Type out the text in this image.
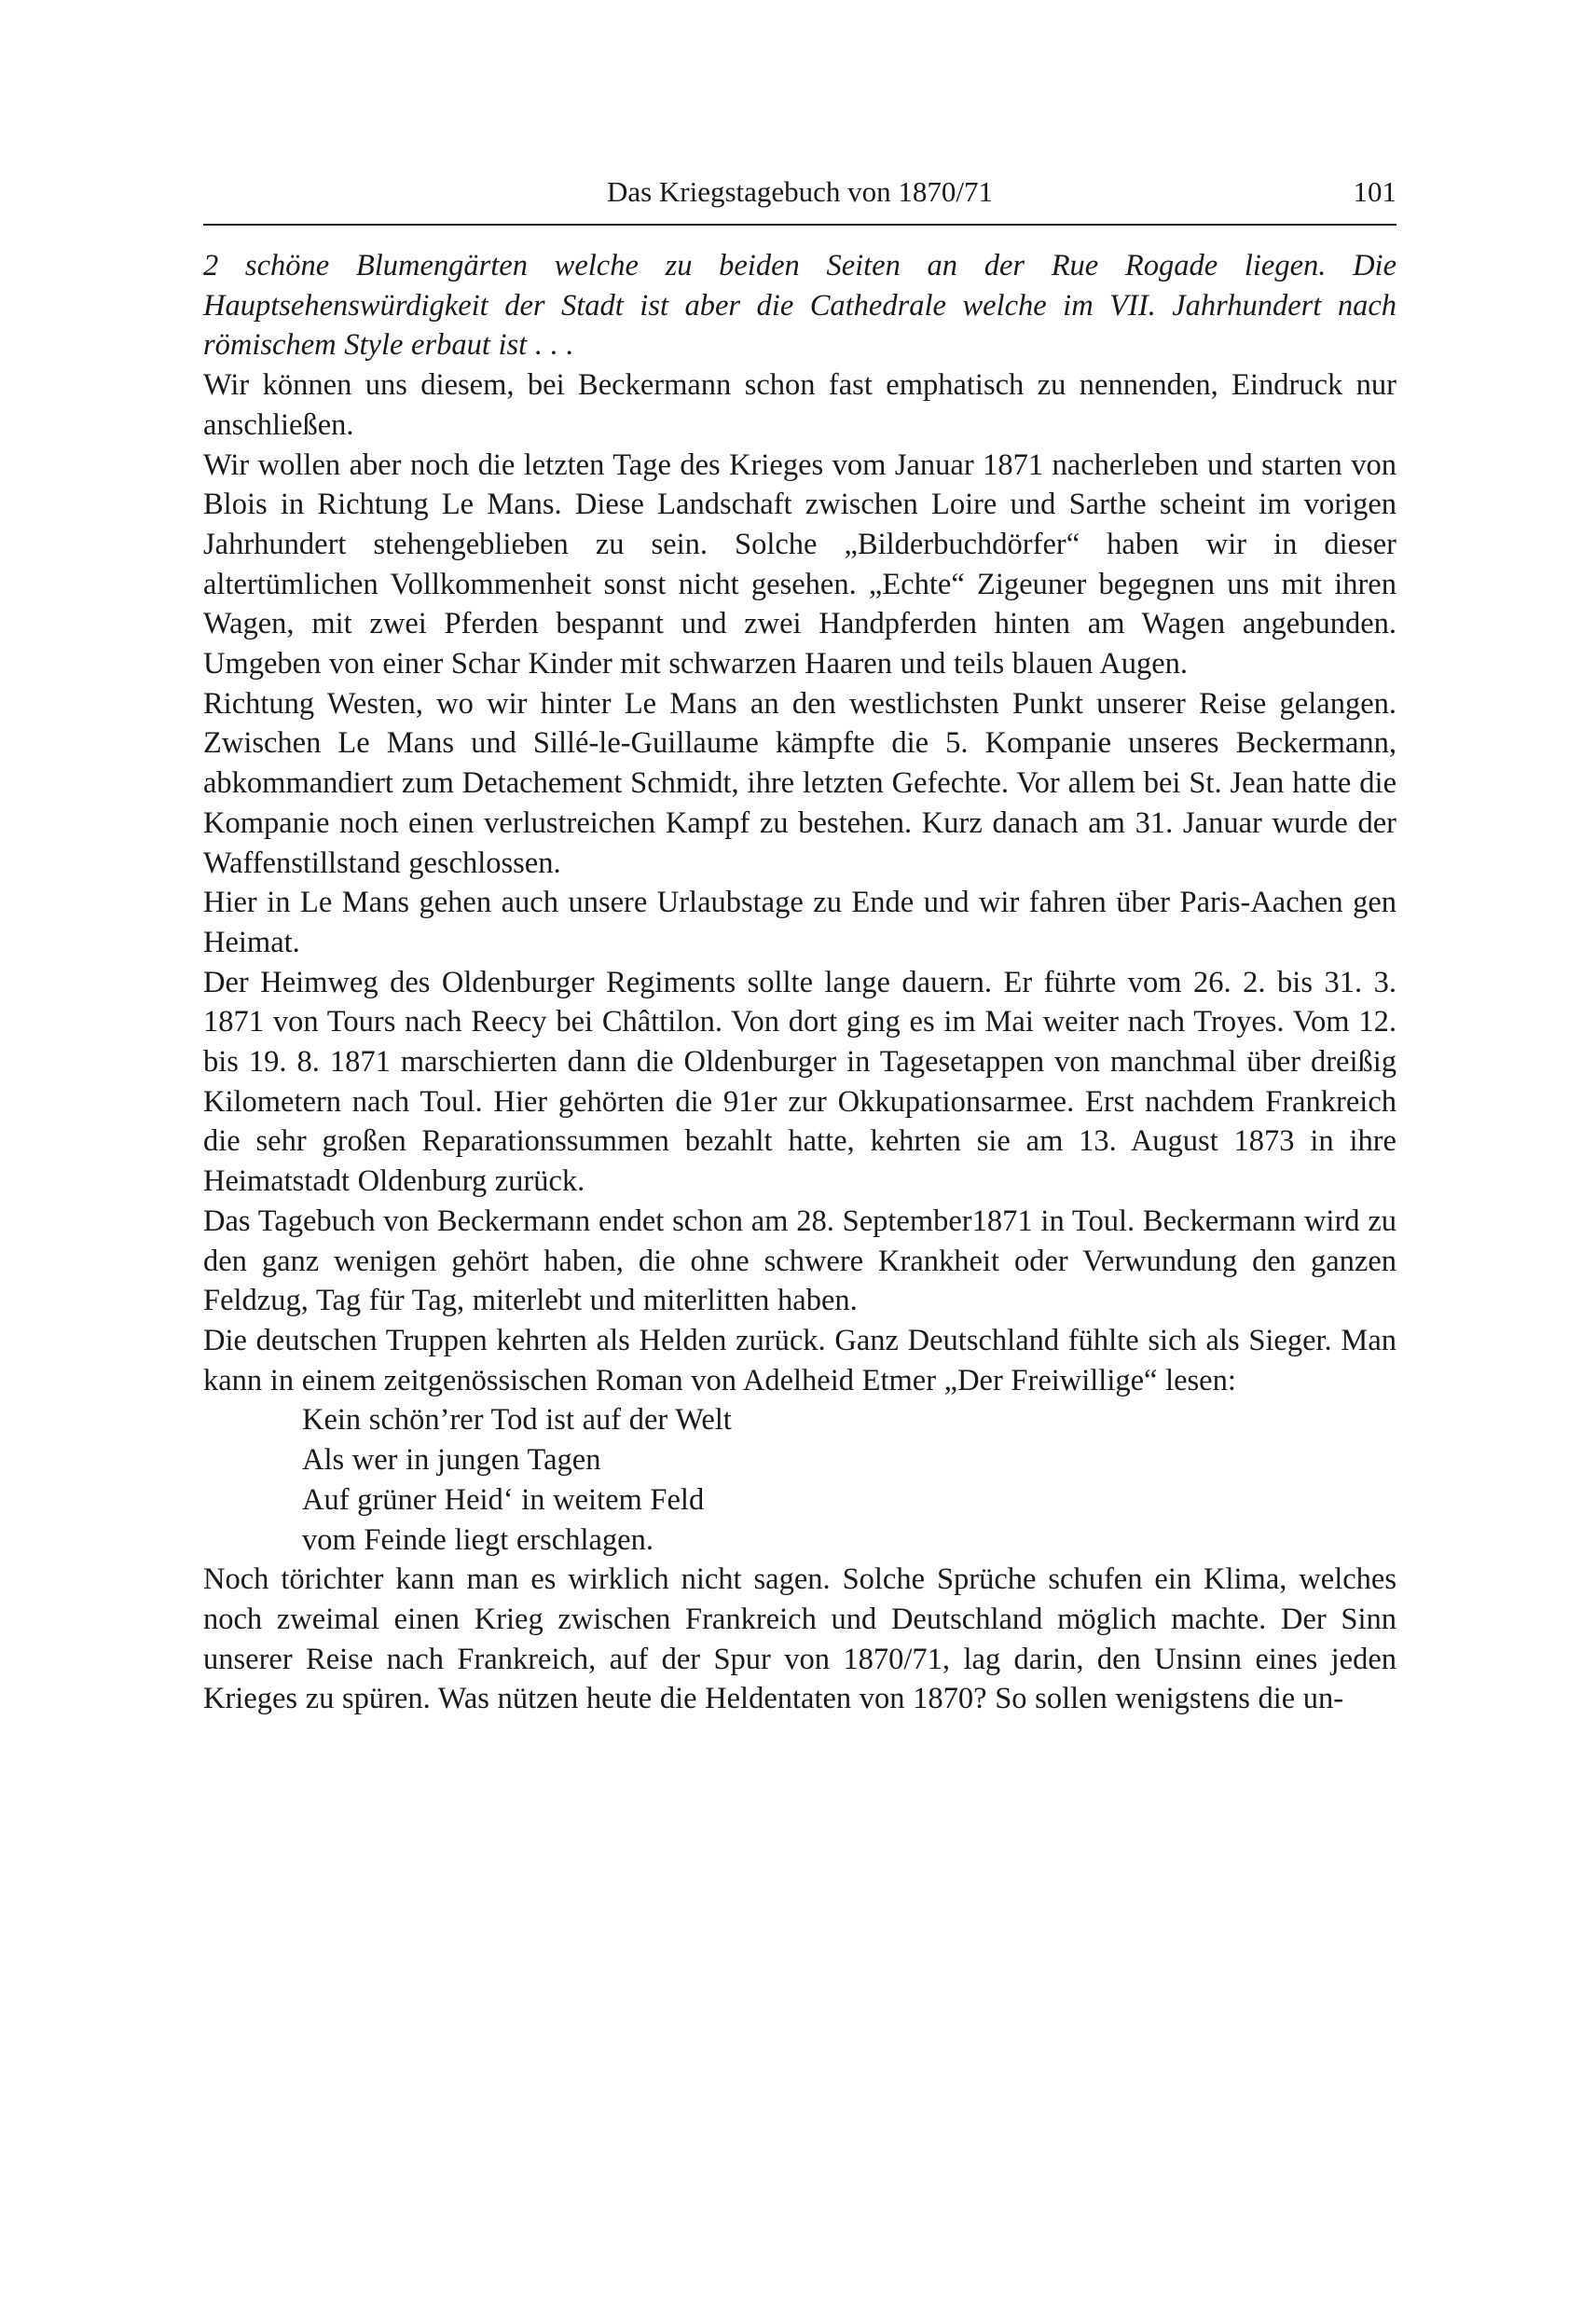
Das Kriegstagebuch von 1870/71	101

2 schöne Blumengärten welche zu beiden Seiten an der Rue Rogade liegen. Die Hauptsehenswürdigkeit der Stadt ist aber die Cathedrale welche im VII. Jahrhundert nach römischem Style erbaut ist . . .

Wir können uns diesem, bei Beckermann schon fast emphatisch zu nennenden, Eindruck nur anschließen.

Wir wollen aber noch die letzten Tage des Krieges vom Januar 1871 nacherleben und starten von Blois in Richtung Le Mans. Diese Landschaft zwischen Loire und Sarthe scheint im vorigen Jahrhundert stehengeblieben zu sein. Solche „Bilderbuchdörfer“ haben wir in dieser altertümlichen Vollkommenheit sonst nicht gesehen. „Echte“ Zigeuner begegnen uns mit ihren Wagen, mit zwei Pferden bespannt und zwei Handpferden hinten am Wagen angebunden. Umgeben von einer Schar Kinder mit schwarzen Haaren und teils blauen Augen.

Richtung Westen, wo wir hinter Le Mans an den westlichsten Punkt unserer Reise gelangen. Zwischen Le Mans und Sillé-le-Guillaume kämpfte die 5. Kompanie unseres Beckermann, abkommandiert zum Detachement Schmidt, ihre letzten Gefechte. Vor allem bei St. Jean hatte die Kompanie noch einen verlustreichen Kampf zu bestehen. Kurz danach am 31. Januar wurde der Waffenstillstand geschlossen.

Hier in Le Mans gehen auch unsere Urlaubstage zu Ende und wir fahren über Paris-Aachen gen Heimat.

Der Heimweg des Oldenburger Regiments sollte lange dauern. Er führte vom 26. 2. bis 31. 3. 1871 von Tours nach Reecy bei Châttilon. Von dort ging es im Mai weiter nach Troyes. Vom 12. bis 19. 8. 1871 marschierten dann die Oldenburger in Tagesetappen von manchmal über dreißig Kilometern nach Toul. Hier gehörten die 91er zur Okkupationsarmee. Erst nachdem Frankreich die sehr großen Reparationssummen bezahlt hatte, kehrten sie am 13. August 1873 in ihre Heimatstadt Oldenburg zurück.

Das Tagebuch von Beckermann endet schon am 28. September1871 in Toul. Beckermann wird zu den ganz wenigen gehört haben, die ohne schwere Krankheit oder Verwundung den ganzen Feldzug, Tag für Tag, miterlebt und miterlitten haben.

Die deutschen Truppen kehrten als Helden zurück. Ganz Deutschland fühlte sich als Sieger. Man kann in einem zeitgenössischen Roman von Adelheid Etmer „Der Freiwillige“ lesen:

Kein schön’rer Tod ist auf der Welt
Als wer in jungen Tagen
Auf grüner Heid‘ in weitem Feld
vom Feinde liegt erschlagen.

Noch törichter kann man es wirklich nicht sagen. Solche Sprüche schufen ein Klima, welches noch zweimal einen Krieg zwischen Frankreich und Deutschland möglich machte. Der Sinn unserer Reise nach Frankreich, auf der Spur von 1870/71, lag darin, den Unsinn eines jeden Krieges zu spüren. Was nützen heute die Heldentaten von 1870? So sollen wenigstens die un-
